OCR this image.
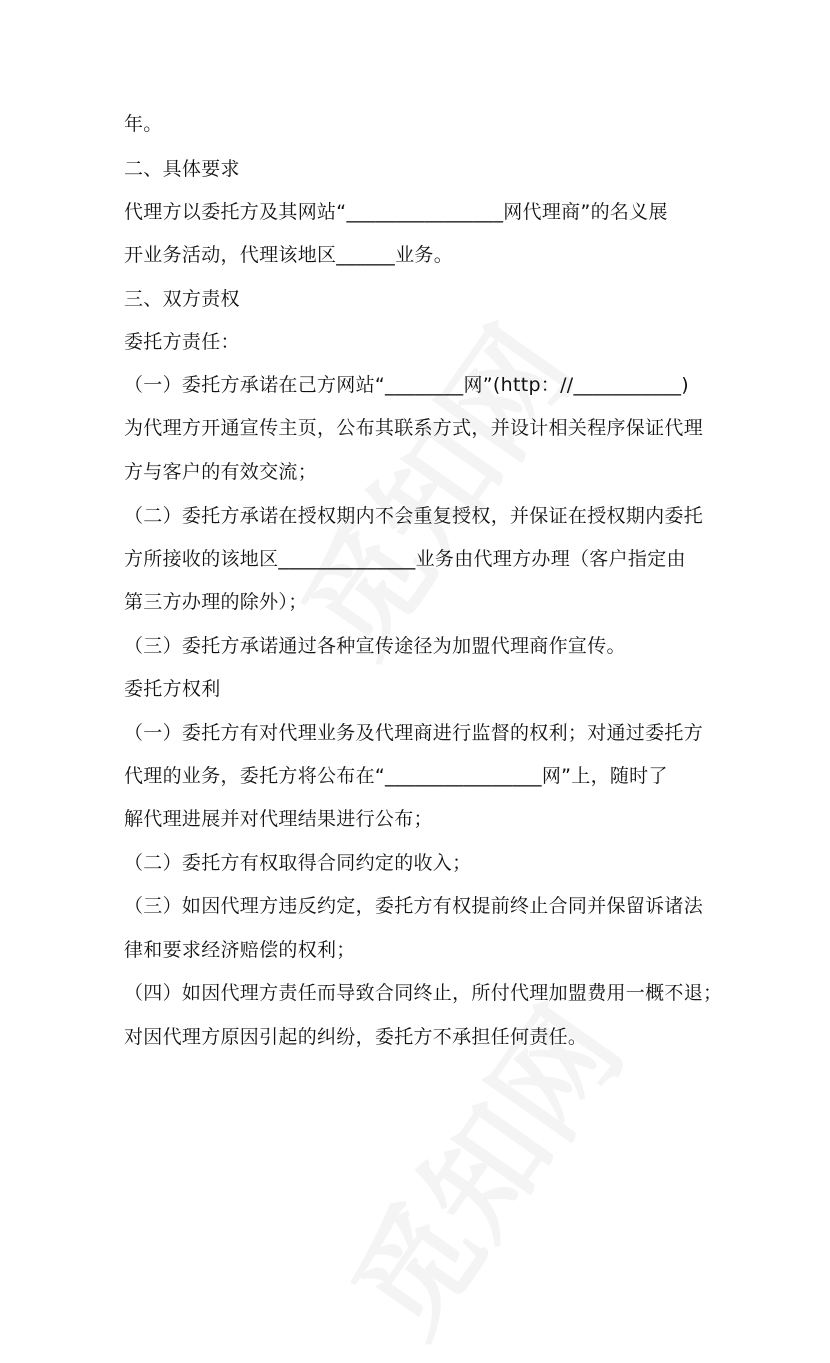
年。
二、具体要求
代理方以委托方及其网站“________________网代理商”的名义展
开业务活动，代理该地区______业务。
三、双方责权
委托方责任：
（一）委托方承诺在己方网站“________网”(http：//___________)
为代理方开通宣传主页，公布其联系方式，并设计相关程序保证代理
方与客户的有效交流；
（二）委托方承诺在授权期内不会重复授权，并保证在授权期内委托
方所接收的该地区______________业务由代理方办理（客户指定由
第三方办理的除外）；
（三）委托方承诺通过各种宣传途径为加盟代理商作宣传。
委托方权利
（一）委托方有对代理业务及代理商进行监督的权利；对通过委托方
代理的业务，委托方将公布在“________________网”上，随时了
解代理进展并对代理结果进行公布；
（二）委托方有权取得合同约定的收入；
（三）如因代理方违反约定，委托方有权提前终止合同并保留诉诸法
律和要求经济赔偿的权利；
（四）如因代理方责任而导致合同终止，所付代理加盟费用一概不退；
对因代理方原因引起的纠纷，委托方不承担任何责任。
